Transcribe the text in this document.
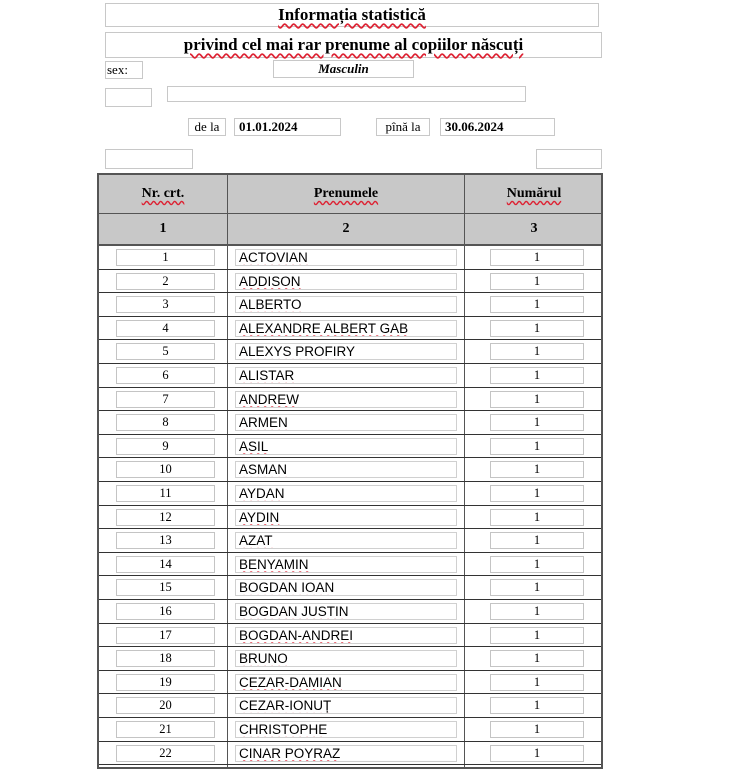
Informația statistică
privind cel mai rar prenume al copiilor născuți
sex:	Masculin
de la	01.01.2024	pînă la	30.06.2024
Nr. crt.	Prenumele	Numărul
1	2	3
1	ACTOVIAN	1
2	ADDISON	1
3	ALBERTO	1
4	ALEXANDRE ALBERT GAB	1
5	ALEXYS PROFIRY	1
6	ALISTAR	1
7	ANDREW	1
8	ARMEN	1
9	ASIL	1
10	ASMAN	1
11	AYDAN	1
12	AYDIN	1
13	AZAT	1
14	BENYAMIN	1
15	BOGDAN IOAN	1
16	BOGDAN JUSTIN	1
17	BOGDAN-ANDREI	1
18	BRUNO	1
19	CEZAR-DAMIAN	1
20	CEZAR-IONUȚ	1
21	CHRISTOPHE	1
22	CINAR POYRAZ	1
